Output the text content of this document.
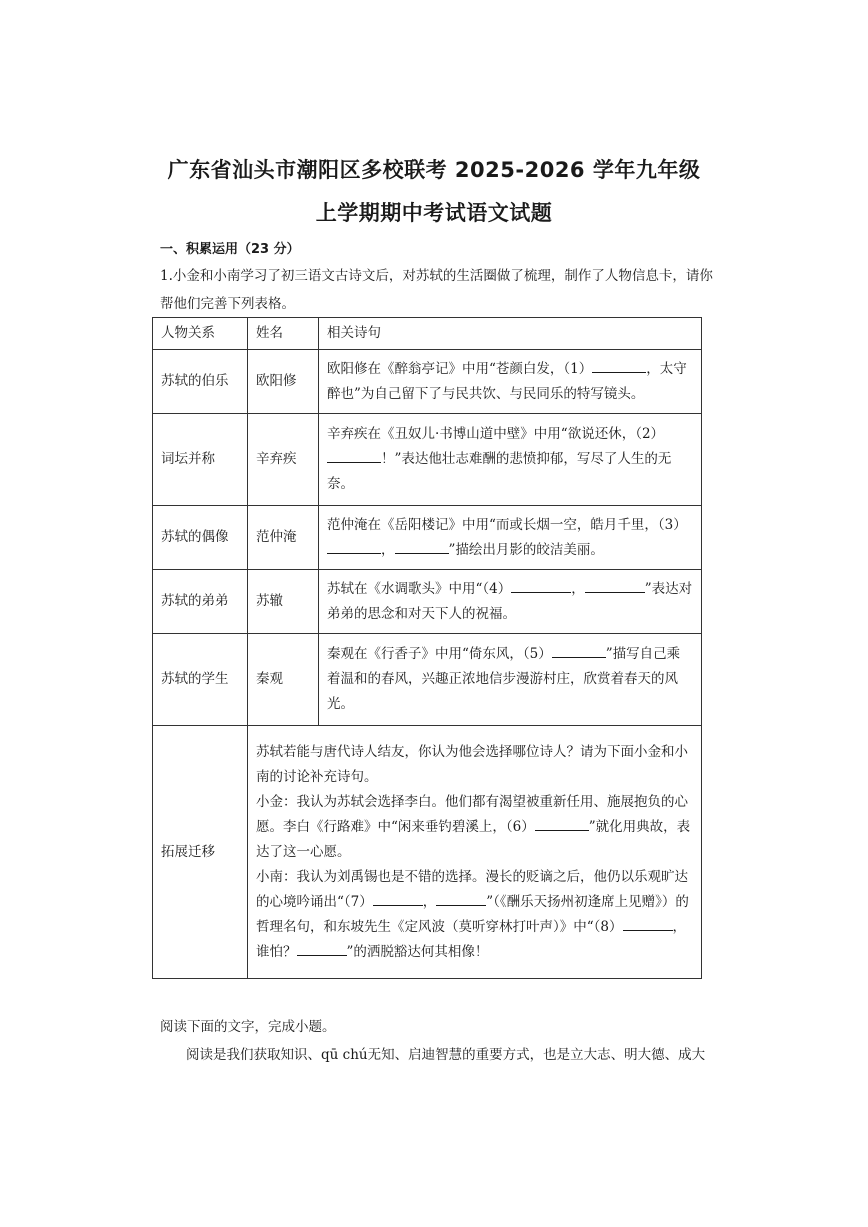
广东省汕头市潮阳区多校联考 2025-2026 学年九年级
上学期期中考试语文试题
一、积累运用（23 分）
1.小金和小南学习了初三语文古诗文后，对苏轼的生活圈做了梳理，制作了人物信息卡，请你帮他们完善下列表格。
人物关系	姓名	相关诗句
苏轼的伯乐	欧阳修	欧阳修在《醉翁亭记》中用“苍颜白发，（1） ，太守醉也”为自己留下了与民共饮、与民同乐的特写镜头。
词坛并称	辛弃疾	辛弃疾在《丑奴儿·书博山道中壁》中用“欲说还休，（2）！”表达他壮志难酬的悲愤抑郁，写尽了人生的无奈。
苏轼的偶像	范仲淹	范仲淹在《岳阳楼记》中用“而或长烟一空，皓月千里，（3）， ”描绘出月影的皎洁美丽。
苏轼的弟弟	苏辙	苏轼在《水调歌头》中用“（4） ， ”表达对弟弟的思念和对天下人的祝福。
苏轼的学生	秦观	秦观在《行香子》中用“倚东风，（5） ”描写自己乘着温和的春风，兴趣正浓地信步漫游村庄，欣赏着春天的风光。
拓展迁移	苏轼若能与唐代诗人结友，你认为他会选择哪位诗人？请为下面小金和小南的讨论补充诗句。
小金：我认为苏轼会选择李白。他们都有渴望被重新任用、施展抱负的心愿。李白《行路难》中“闲来垂钓碧溪上，（6） ”就化用典故，表达了这一心愿。
小南：我认为刘禹锡也是不错的选择。漫长的贬谪之后，他仍以乐观旷达的心境吟诵出“（7） ， ”（《酬乐天扬州初逢席上见赠》）的哲理名句，和东坡先生《定风波（莫听穿林打叶声）》中“（8） ，谁怕？ ”的洒脱豁达何其相像！	
阅读下面的文字，完成小题。
阅读是我们获取知识、qū chú无知、启迪智慧的重要方式，也是立大志、明大德、成大
